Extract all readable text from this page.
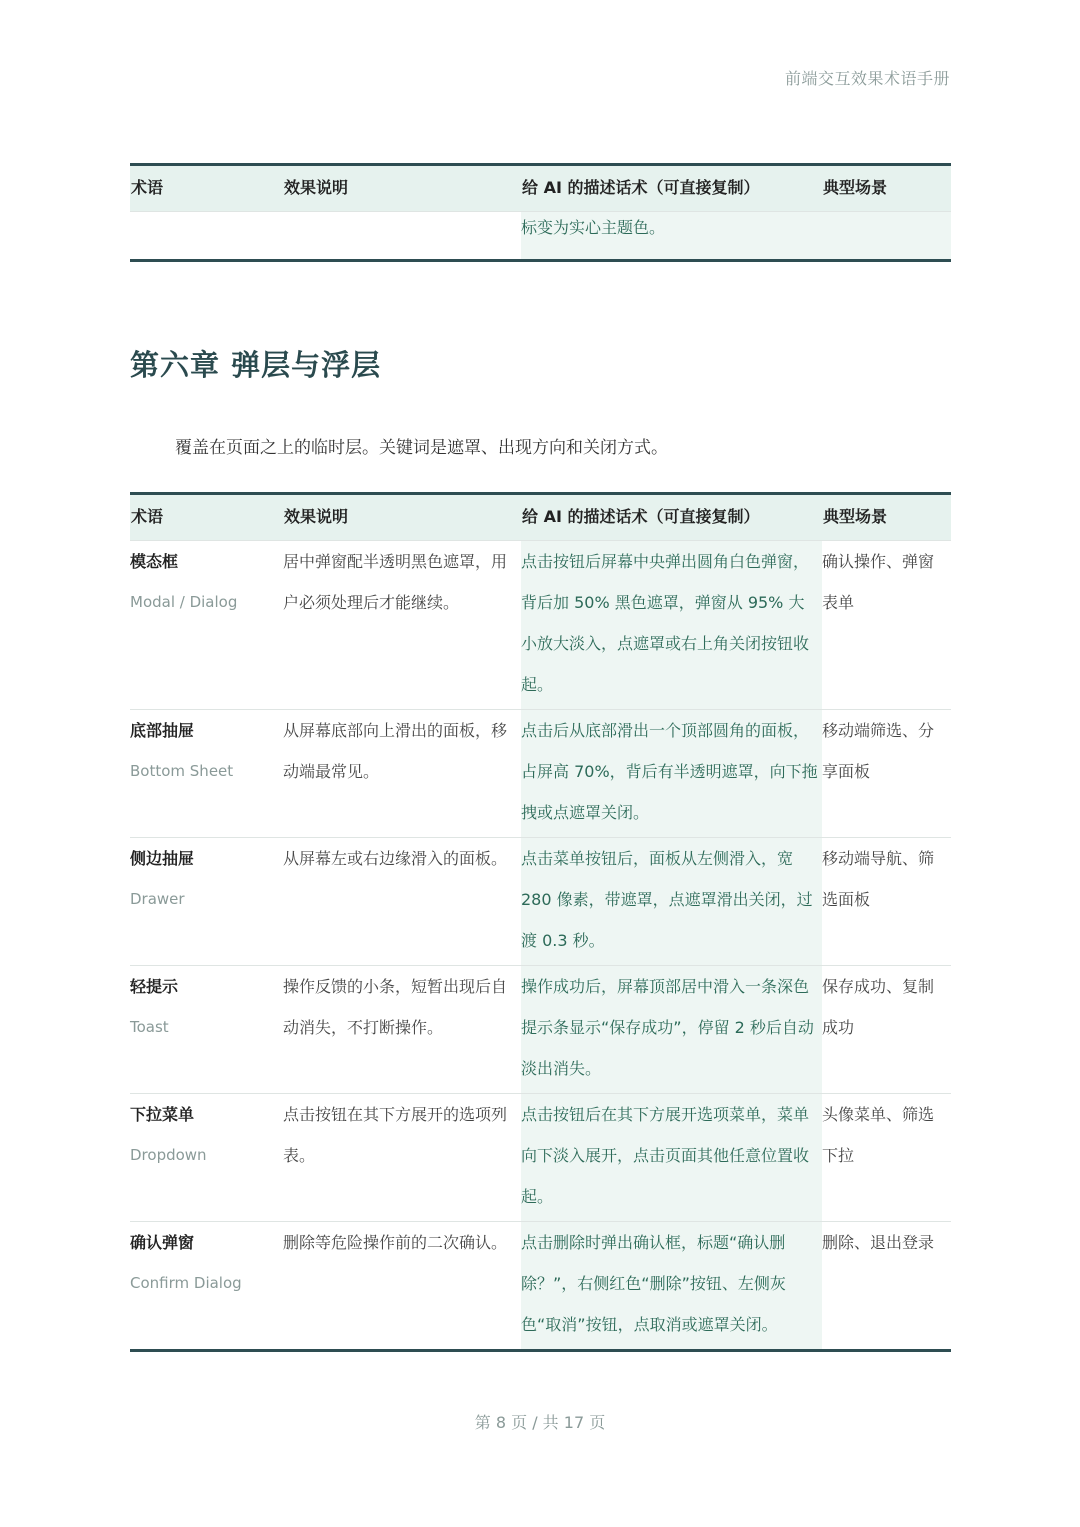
前端交互效果术语手册
术语	效果说明	给 AI 的描述话术（可直接复制）	典型场景
		标变为实心主题色。	
第六章 弹层与浮层

覆盖在页面之上的临时层。关键词是遮罩、出现方向和关闭方式。

术语	效果说明	给 AI 的描述话术（可直接复制）	典型场景

模态框
Modal / Dialog	居中弹窗配半透明黑色遮罩，用户必须处理后才能继续。	点击按钮后屏幕中央弹出圆角白色弹窗，背后加 50% 黑色遮罩，弹窗从 95% 大小放大淡入，点遮罩或右上角关闭按钮收起。	确认操作、弹窗表单

底部抽屉
Bottom Sheet	从屏幕底部向上滑出的面板，移动端最常见。	点击后从底部滑出一个顶部圆角的面板，占屏高 70%，背后有半透明遮罩，向下拖拽或点遮罩关闭。	移动端筛选、分享面板

侧边抽屉
Drawer	从屏幕左或右边缘滑入的面板。	点击菜单按钮后，面板从左侧滑入，宽 280 像素，带遮罩，点遮罩滑出关闭，过渡 0.3 秒。	移动端导航、筛选面板

轻提示
Toast	操作反馈的小条，短暂出现后自动消失，不打断操作。	操作成功后，屏幕顶部居中滑入一条深色提示条显示“保存成功”，停留 2 秒后自动淡出消失。	保存成功、复制成功

下拉菜单
Dropdown	点击按钮在其下方展开的选项列表。	点击按钮后在其下方展开选项菜单，菜单向下淡入展开，点击页面其他任意位置收起。	头像菜单、筛选下拉

确认弹窗
Confirm Dialog	删除等危险操作前的二次确认。	点击删除时弹出确认框，标题“确认删除？”，右侧红色“删除”按钮、左侧灰色“取消”按钮，点取消或遮罩关闭。	删除、退出登录
第 8 页 / 共 17 页
